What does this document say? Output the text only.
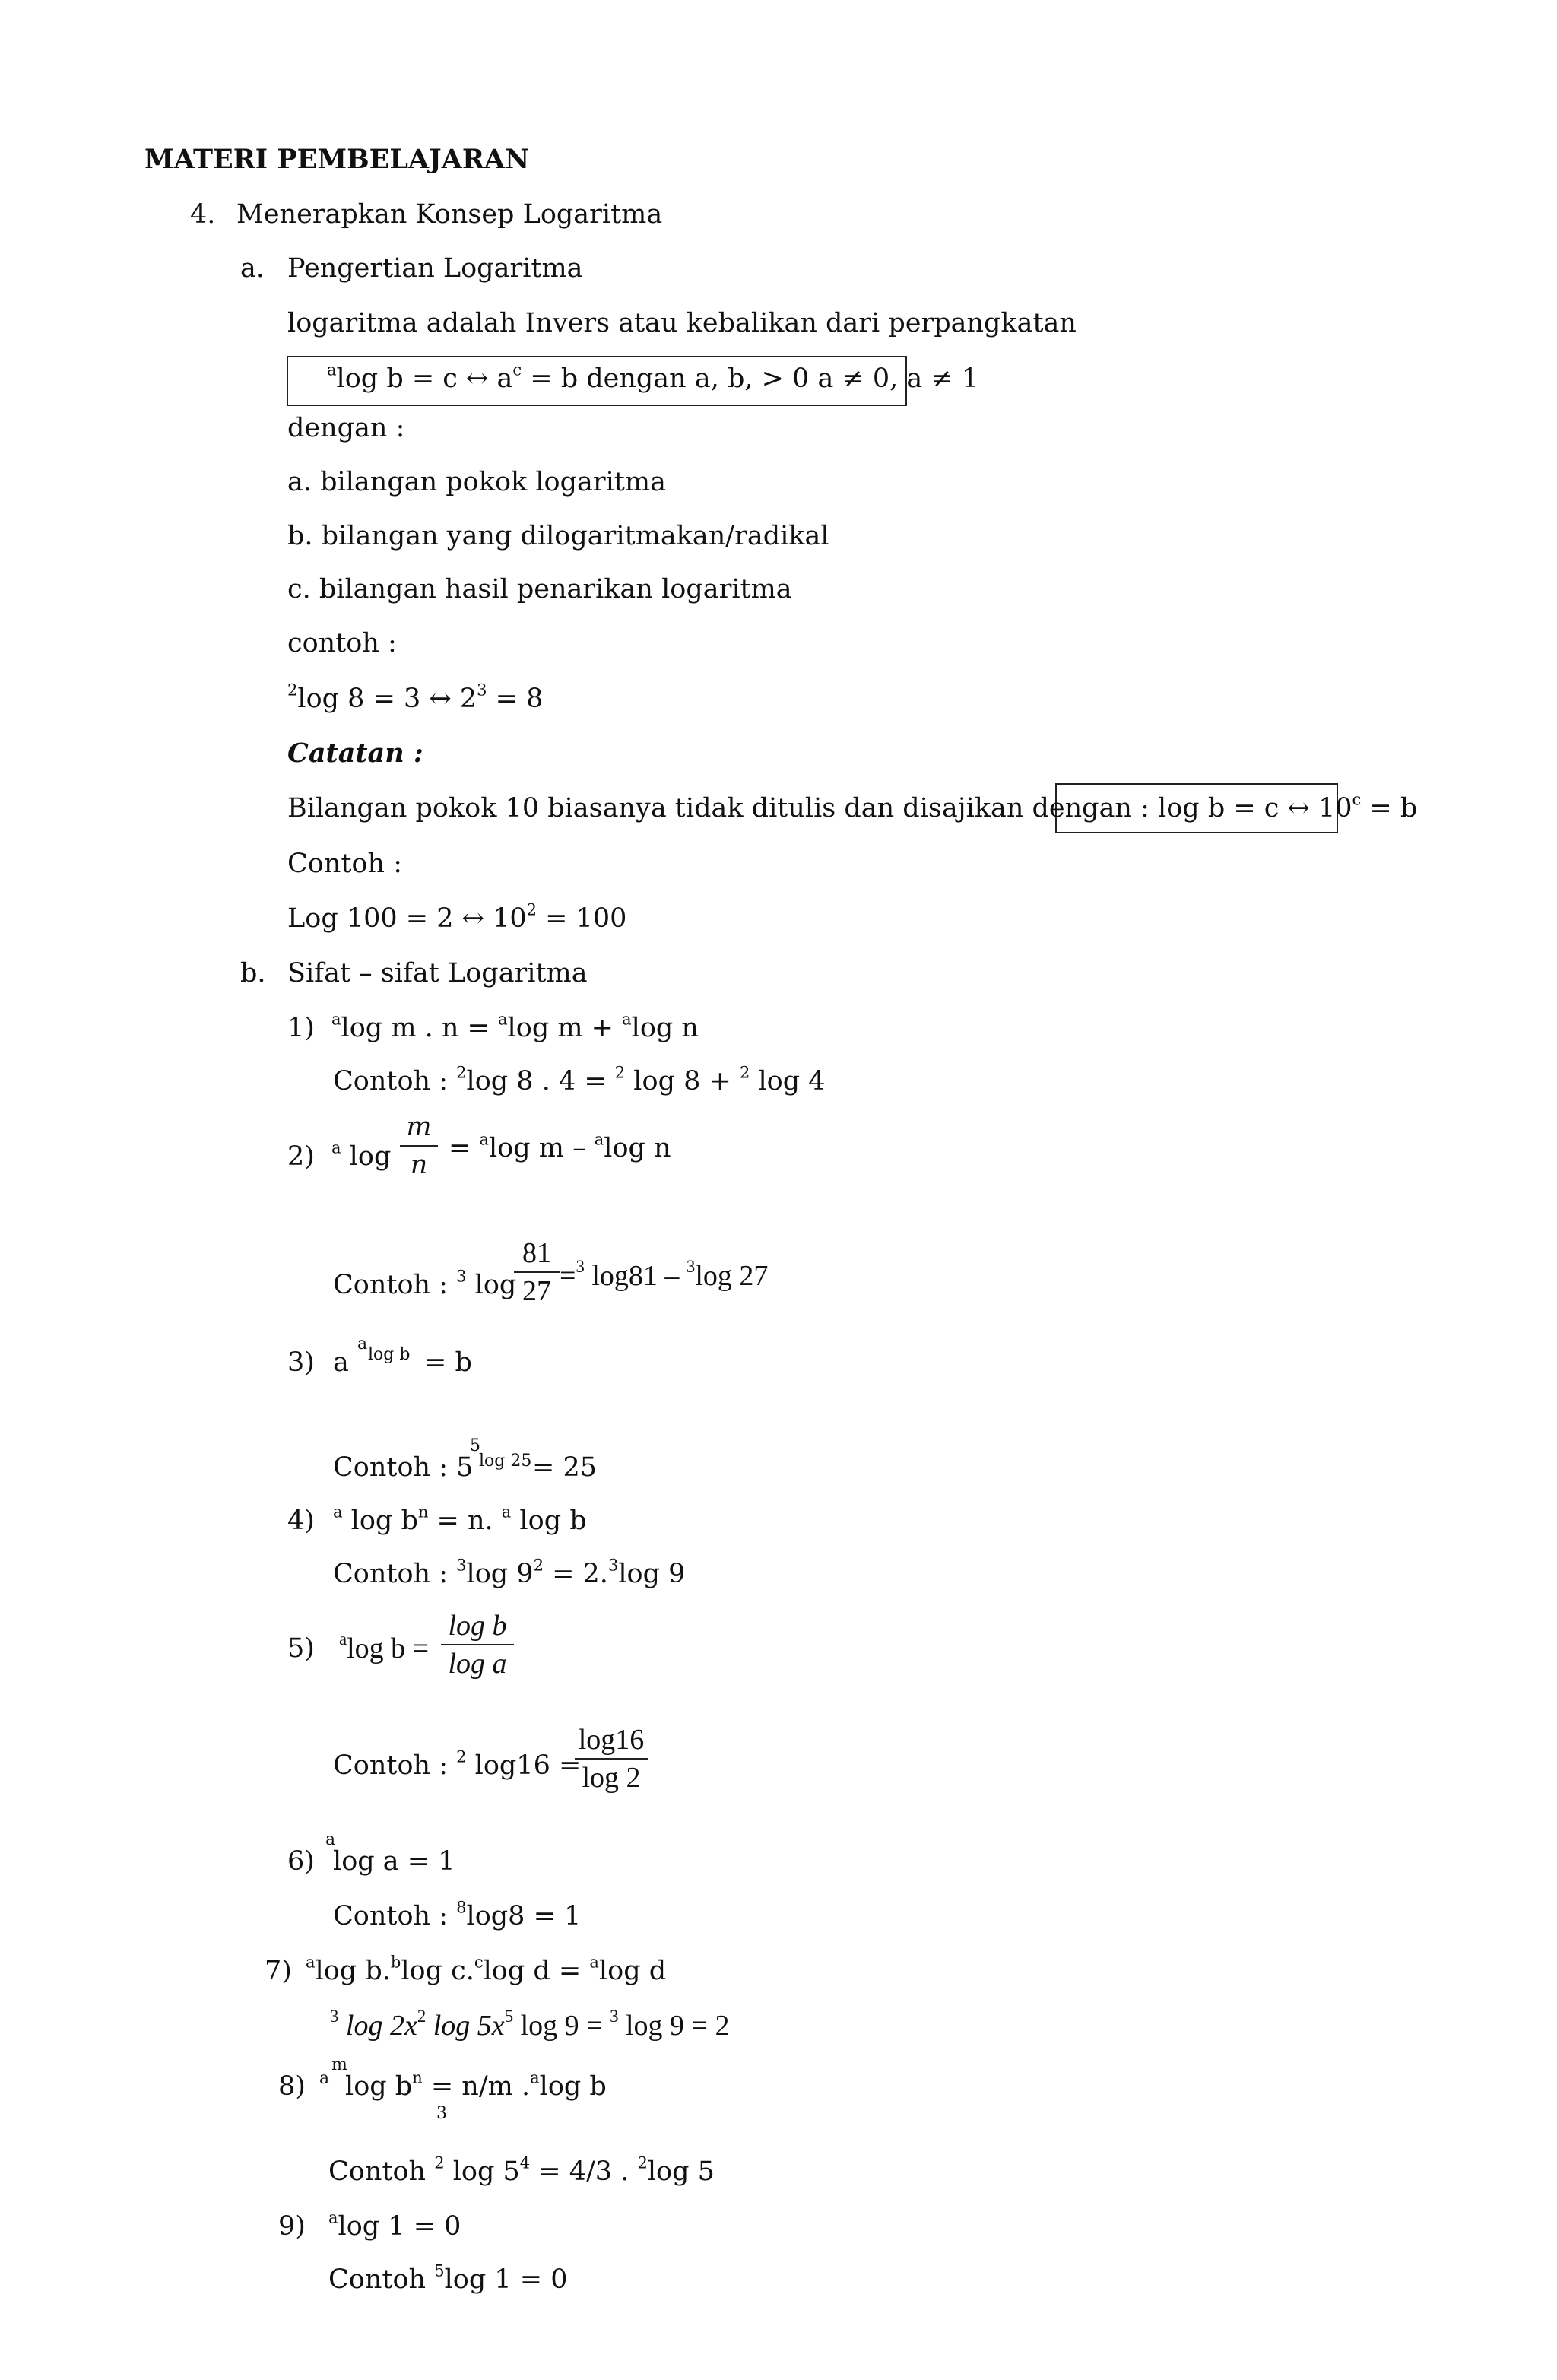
MATERI PEMBELAJARAN
4. Menerapkan Konsep Logaritma
a. Pengertian Logaritma
logaritma adalah Invers atau kebalikan dari perpangkatan
$^a$log b = c ↔ $a^c = b$ dengan a, b, > 0 a ≠ 0, a ≠ 1
dengan :
a. bilangan pokok logaritma
b. bilangan yang dilogaritmakan/radikal
c. bilangan hasil penarikan logaritma
contoh :
$^2$log 8 = 3 ↔ $2^3 = 8$
Catatan :
Bilangan pokok 10 biasanya tidak ditulis dan disajikan dengan : log b = c ↔ $10^c = b$
Contoh :
Log 100 = 2 ↔ $10^2 = 100$
b. Sifat – sifat Logaritma
1) $^a$log m . n = $^a$log m + $^a$log n
Contoh : $^2$log 8 . 4 = $^2$ log 8 + $^2$ log 4
2) $^a$ log
m
n
= $^a$log m – $^a$log n
Contoh : $^3$ log
81
27 =$^3$ log81 – $^3$log 27
3) a
a
log b = b
Contoh : 5
5
log 25 = 25
4) $^a$ $\log b^n = n$. $^a$ log b
Contoh : $^3$log $9^2 = 2.^3\log$ 9
5) $^a$log b =
log b
log a
Contoh : $^2$ log16 =
log16
log 2
6)
a
log a = 1
Contoh : $^8$log8 = 1
7) $^a$log b.$^b$log c.$^c$log d = $^a$log d
$^3$ $\log 2x^2$ $\log 5x^5$ log 9 = $^3$ log 9 = 2
8) a
m
$\log b^n = n/m$ .$^a$log b
3
Contoh $^2$ $\log 5^4 = 4/3$ . $^2$log 5
9) $^a$log 1 = 0
Contoh $^5$log 1 = 0
